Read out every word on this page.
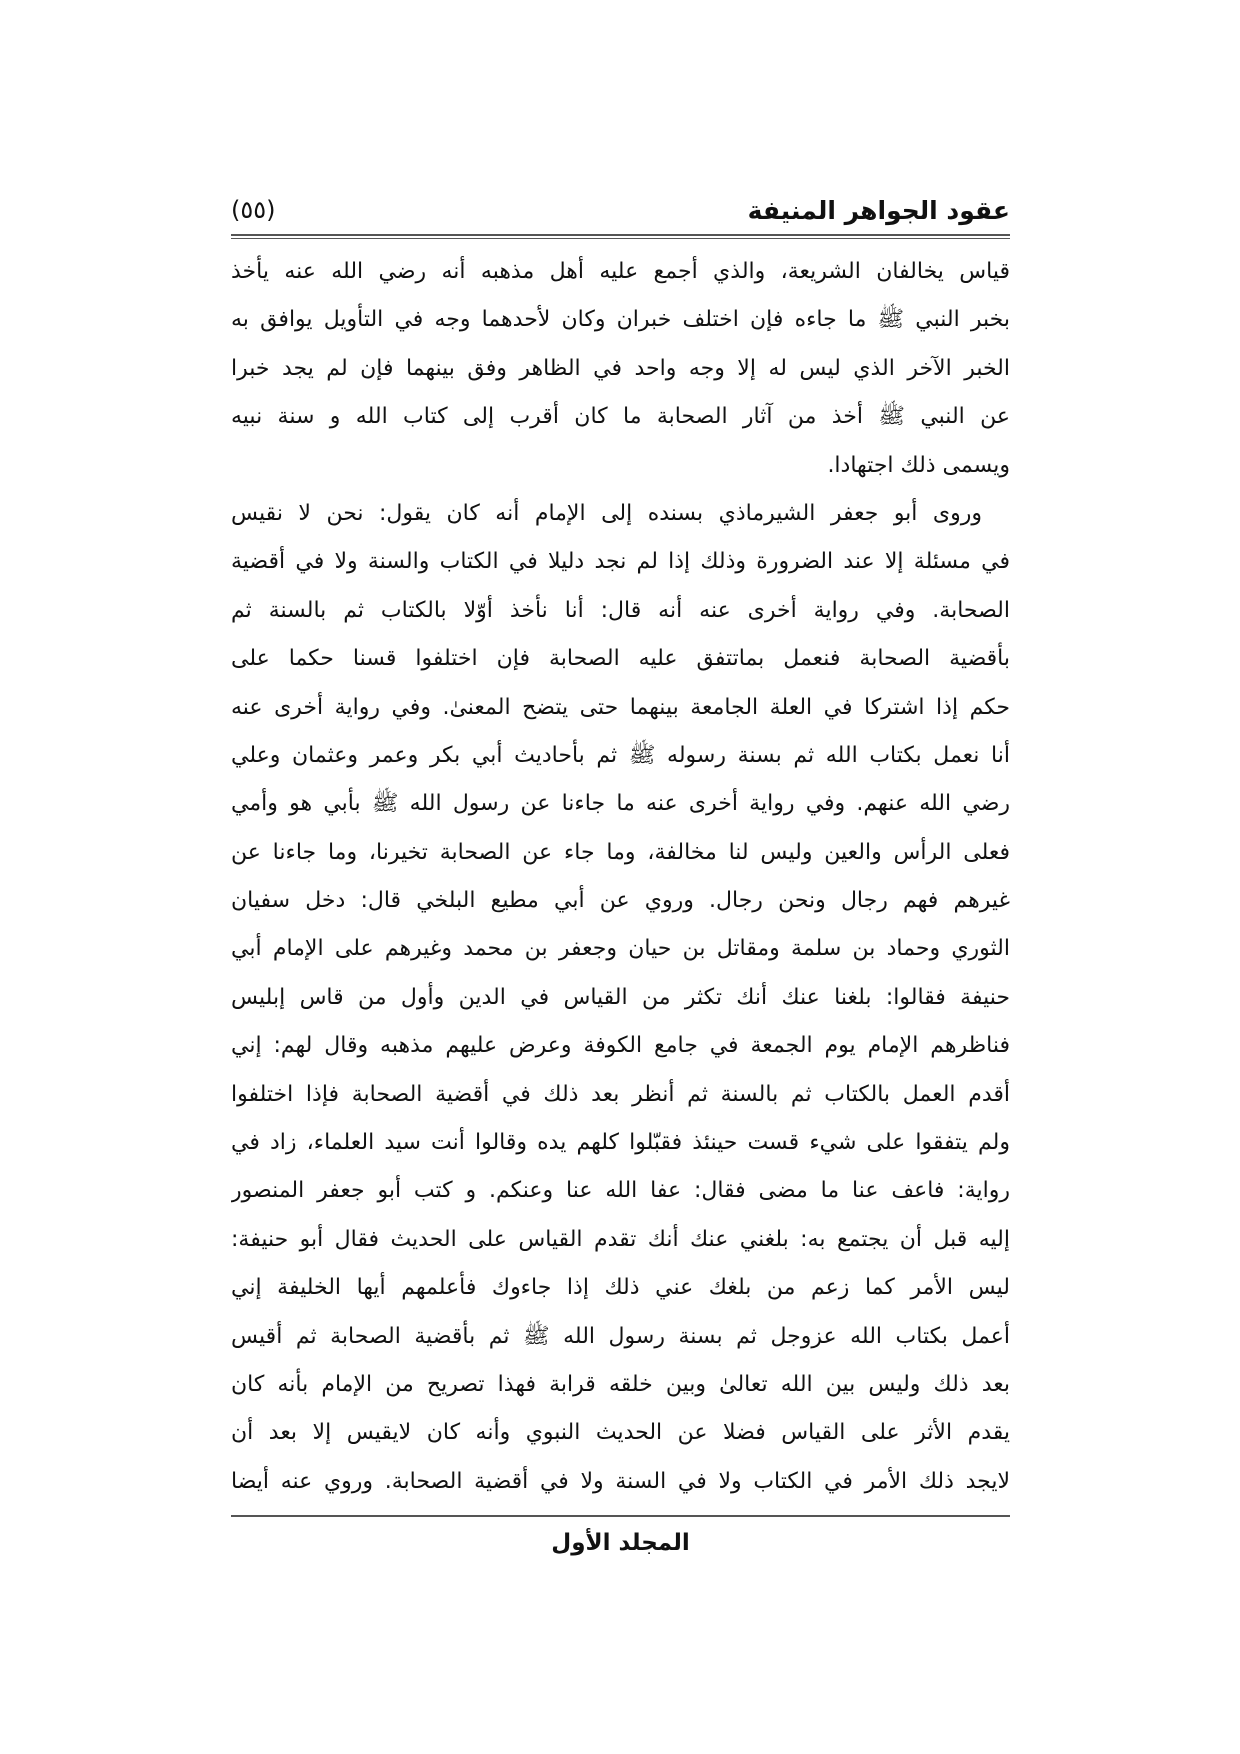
عقود الجواهر المنيفة
(٥٥)
قياس يخالفان الشريعة، والذي أجمع عليه أهل مذهبه أنه رضي الله عنه يأخذ
بخبر النبي ﷺ ما جاءه فإن اختلف خبران وكان لأحدهما وجه في التأويل يوافق به
الخبر الآخر الذي ليس له إلا وجه واحد في الظاهر وفق بينهما فإن لم يجد خبرا
عن النبي ﷺ أخذ من آثار الصحابة ما كان أقرب إلى كتاب الله و سنة نبيه
ويسمى ذلك اجتهادا.
وروى أبو جعفر الشيرماذي بسنده إلى الإمام أنه كان يقول: نحن لا نقيس
في مسئلة إلا عند الضرورة وذلك إذا لم نجد دليلا في الكتاب والسنة ولا في أقضية
الصحابة. وفي رواية أخرى عنه أنه قال: أنا نأخذ أوّلا بالكتاب ثم بالسنة ثم
بأقضية الصحابة فنعمل بماتتفق عليه الصحابة فإن اختلفوا قسنا حكما على
حكم إذا اشتركا في العلة الجامعة بينهما حتى يتضح المعنىٰ. وفي رواية أخرى عنه
أنا نعمل بكتاب الله ثم بسنة رسوله ﷺ ثم بأحاديث أبي بكر وعمر وعثمان وعلي
رضي الله عنهم. وفي رواية أخرى عنه ما جاءنا عن رسول الله ﷺ بأبي هو وأمي
فعلى الرأس والعين وليس لنا مخالفة، وما جاء عن الصحابة تخيرنا، وما جاءنا عن
غيرهم فهم رجال ونحن رجال. وروي عن أبي مطيع البلخي قال: دخل سفيان
الثوري وحماد بن سلمة ومقاتل بن حيان وجعفر بن محمد وغيرهم على الإمام أبي
حنيفة فقالوا: بلغنا عنك أنك تكثر من القياس في الدين وأول من قاس إبليس
فناظرهم الإمام يوم الجمعة في جامع الكوفة وعرض عليهم مذهبه وقال لهم: إني
أقدم العمل بالكتاب ثم بالسنة ثم أنظر بعد ذلك في أقضية الصحابة فإذا اختلفوا
ولم يتفقوا على شيء قست حينئذ فقبّلوا كلهم يده وقالوا أنت سيد العلماء، زاد في
رواية: فاعف عنا ما مضى فقال: عفا الله عنا وعنكم. و كتب أبو جعفر المنصور
إليه قبل أن يجتمع به: بلغني عنك أنك تقدم القياس على الحديث فقال أبو حنيفة:
ليس الأمر كما زعم من بلغك عني ذلك إذا جاءوك فأعلمهم أيها الخليفة إني
أعمل بكتاب الله عزوجل ثم بسنة رسول الله ﷺ ثم بأقضية الصحابة ثم أقيس
بعد ذلك وليس بين الله تعالىٰ وبين خلقه قرابة فهذا تصريح من الإمام بأنه كان
يقدم الأثر على القياس فضلا عن الحديث النبوي وأنه كان لايقيس إلا بعد أن
لايجد ذلك الأمر في الكتاب ولا في السنة ولا في أقضية الصحابة. وروي عنه أيضا
المجلد الأول
